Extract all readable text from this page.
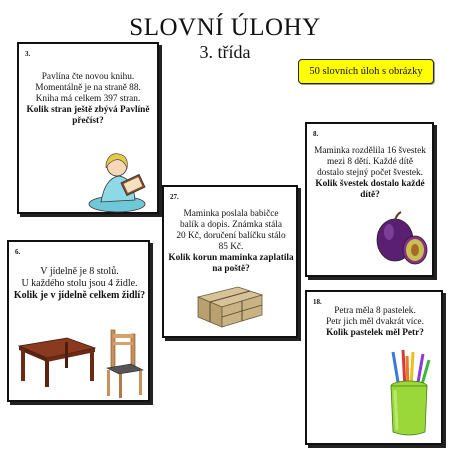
SLOVNÍ ÚLOHY
3. třída
50 slovních úloh s obrázky
3.
Pavlína čte novou knihu.
Momentálně je na straně 88.
Kniha má celkem 397 stran.
Kolik stran ještě zbývá Pavlíně přečíst?
8.
Maminka rozdělila 16 švestek
mezi 8 dětí. Každé dítě
dostalo stejný počet švestek.
Kolik švestek dostalo každé dítě?
27.
Maminka poslala babičce
balík a dopis. Známka stála
20 Kč, doručení balíčku stálo
85 Kč.
Kolik korun maminka zaplatila na poště?
6.
V jídelně je 8 stolů.
U každého stolu jsou 4 židle.
Kolik je v jídelně celkem židlí?
18.
Petra měla 8 pastelek.
Petr jich měl dvakrát více.
Kolik pastelek měl Petr?
